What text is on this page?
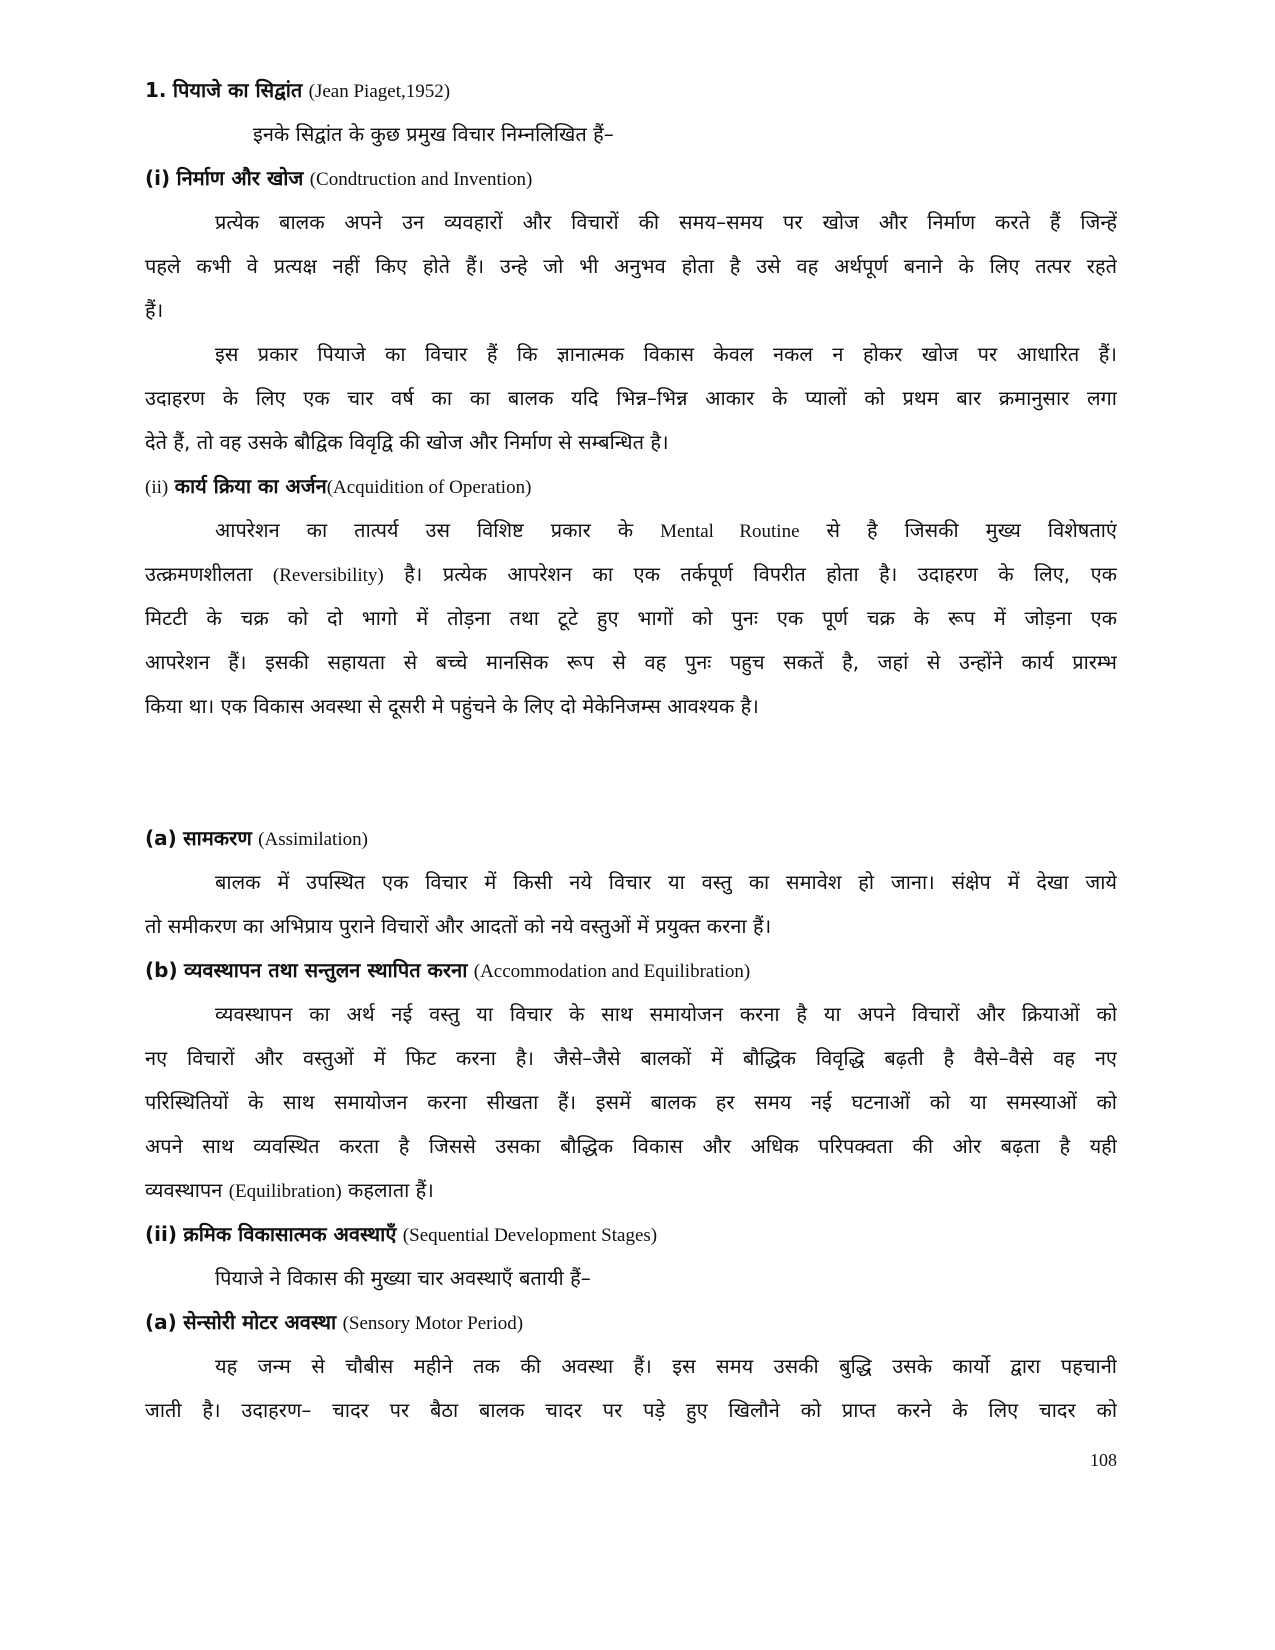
1. पियाजे का सिद्वांत (Jean Piaget,1952)
इनके सिद्वांत के कुछ प्रमुख विचार निम्नलिखित हैं–
(i) निर्माण और खोज (Condtruction and Invention)
प्रत्येक बालक अपने उन व्यवहारों और विचारों की समय–समय पर खोज और निर्माण करते हैं जिन्हें
पहले कभी वे प्रत्यक्ष नहीं किए होते हैं। उन्हे जो भी अनुभव होता है उसे वह अर्थपूर्ण बनाने के लिए तत्पर रहते
हैं।
इस प्रकार पियाजे का विचार हैं कि ज्ञानात्मक विकास केवल नकल न होकर खोज पर आधारित हैं।
उदाहरण के लिए एक चार वर्ष का का बालक यदि भिन्न–भिन्न आकार के प्यालों को प्रथम बार क्रमानुसार लगा
देते हैं, तो वह उसके बौद्विक विवृद्वि की खोज और निर्माण से सम्बन्धित है।
(ii) कार्य क्रिया का अर्जन(Acquidition of Operation)
आपरेशन का तात्पर्य उस विशिष्ट प्रकार के Mental Routine से है जिसकी मुख्य विशेषताएं
उत्क्रमणशीलता (Reversibility) है। प्रत्येक आपरेशन का एक तर्कपूर्ण विपरीत होता है। उदाहरण के लिए, एक
मिटटी के चक्र को दो भागो में तोड़ना तथा टूटे हुए भागों को पुनः एक पूर्ण चक्र के रूप में जोड़ना एक
आपरेशन हैं। इसकी सहायता से बच्चे मानसिक रूप से वह पुनः पहुच सकतें है, जहां से उन्होंने कार्य प्रारम्भ
किया था। एक विकास अवस्था से दूसरी मे पहुंचने के लिए दो मेकेनिजम्स आवश्यक है।
(a) सामकरण (Assimilation)
बालक में उपस्थित एक विचार में किसी नये विचार या वस्तु का समावेश हो जाना। संक्षेप में देखा जाये
तो समीकरण का अभिप्राय पुराने विचारों और आदतों को नये वस्तुओं में प्रयुक्त करना हैं।
(b) व्यवस्थापन तथा सन्तुलन स्थापित करना (Accommodation and Equilibration)
व्यवस्थापन का अर्थ नई वस्तु या विचार के साथ समायोजन करना है या अपने विचारों और क्रियाओं को
नए विचारों और वस्तुओं में फिट करना है। जैसे–जैसे बालकों में बौद्धिक विवृद्धि बढ़ती है वैसे–वैसे वह नए
परिस्थितियों के साथ समायोजन करना सीखता हैं। इसमें बालक हर समय नई घटनाओं को या समस्याओं को
अपने साथ व्यवस्थित करता है जिससे उसका बौद्धिक विकास और अधिक परिपक्वता की ओर बढ़ता है यही
व्यवस्थापन (Equilibration) कहलाता हैं।
(ii) क्रमिक विकासात्मक अवस्थाएँ (Sequential Development Stages)
पियाजे ने विकास की मुख्या चार अवस्थाएँ बतायी हैं–
(a) सेन्सोरी मोटर अवस्था (Sensory Motor Period)
यह जन्म से चौबीस महीने तक की अवस्था हैं। इस समय उसकी बुद्धि उसके कार्यो द्वारा पहचानी
जाती है। उदाहरण– चादर पर बैठा बालक चादर पर पड़े हुए खिलौने को प्राप्त करने के लिए चादर को
108
